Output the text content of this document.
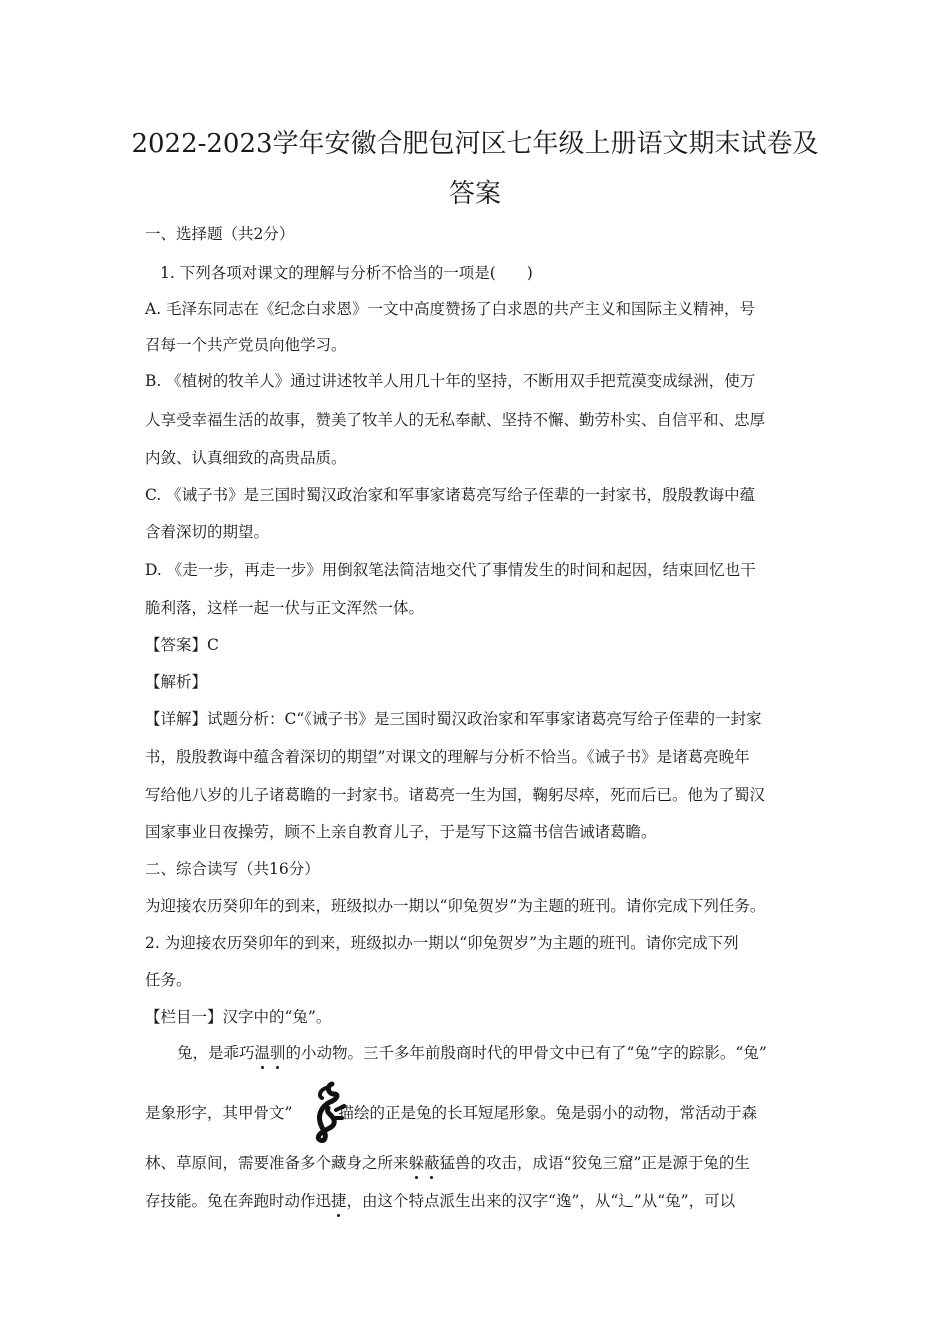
2022-2023学年安徽合肥包河区七年级上册语文期末试卷及
答案
一、选择题（共2分）
1. 下列各项对课文的理解与分析不恰当的一项是(　　)
A. 毛泽东同志在《纪念白求恩》一文中高度赞扬了白求恩的共产主义和国际主义精神，号
召每一个共产党员向他学习。
B. 《植树的牧羊人》通过讲述牧羊人用几十年的坚持，不断用双手把荒漠变成绿洲，使万
人享受幸福生活的故事，赞美了牧羊人的无私奉献、坚持不懈、勤劳朴实、自信平和、忠厚
内敛、认真细致的高贵品质。
C. 《诫子书》是三国时蜀汉政治家和军事家诸葛亮写给子侄辈的一封家书，殷殷教诲中蕴
含着深切的期望。
D. 《走一步，再走一步》用倒叙笔法简洁地交代了事情发生的时间和起因，结束回忆也干
脆利落，这样一起一伏与正文浑然一体。
【答案】C
【解析】
【详解】试题分析：C“《诫子书》是三国时蜀汉政治家和军事家诸葛亮写给子侄辈的一封家
书，殷殷教诲中蕴含着深切的期望”对课文的理解与分析不恰当。《诫子书》是诸葛亮晚年
写给他八岁的儿子诸葛瞻的一封家书。诸葛亮一生为国，鞠躬尽瘁，死而后已。他为了蜀汉
国家事业日夜操劳，顾不上亲自教育儿子，于是写下这篇书信告诫诸葛瞻。
二、综合读写（共16分）
为迎接农历癸卯年的到来，班级拟办一期以“卯兔贺岁”为主题的班刊。请你完成下列任务。
2. 为迎接农历癸卯年的到来，班级拟办一期以“卯兔贺岁”为主题的班刊。请你完成下列
任务。
【栏目一】汉字中的“兔”。
兔，是乖巧温驯的小动物。三千多年前殷商时代的甲骨文中已有了“兔”字的踪影。“兔”
是象形字，其甲骨文”	描绘的正是兔的长耳短尾形象。兔是弱小的动物，常活动于森
林、草原间，需要准备多个藏身之所来躲蔽猛兽的攻击，成语“狡兔三窟”正是源于兔的生
存技能。兔在奔跑时动作迅捷，由这个特点派生出来的汉字“逸”，从“辶”从“兔”，可以
